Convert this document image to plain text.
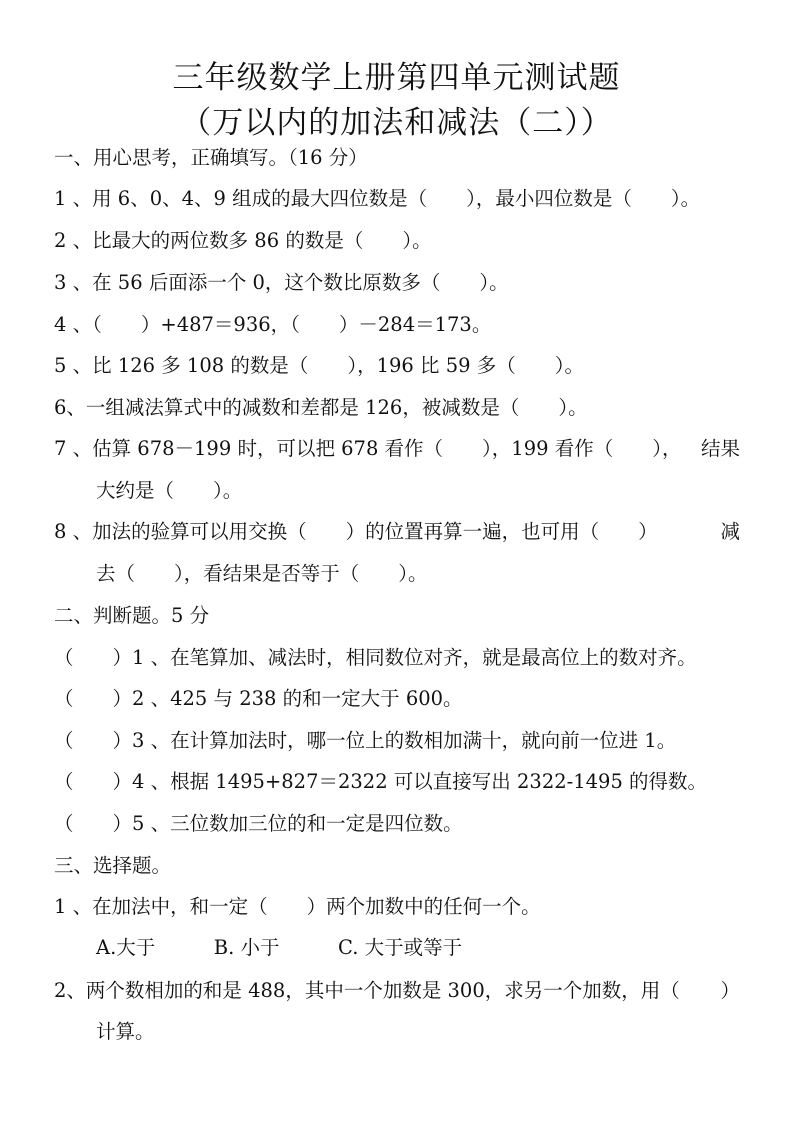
三年级数学上册第四单元测试题
（万以内的加法和减法（二））
一、用心思考，正确填写。（16 分）
1 、用 6、0、4、9 组成的最大四位数是（　　），最小四位数是（　　）。
2 、比最大的两位数多 86 的数是（　　）。
3 、在 56 后面添一个 0，这个数比原数多（　　）。
4 、（　　）+487＝936，（　　）－284＝173。
5 、比 126 多 108 的数是（　　），196 比 59 多（　　）。
6、一组减法算式中的减数和差都是 126，被减数是（　　）。
7 、估算 678－199 时，可以把 678 看作（　　），199 看作（　　）， 结果
大约是（　　）。
8 、加法的验算可以用交换（　　）的位置再算一遍，也可用（　　）	减
去（　　），看结果是否等于（　　）。
二、判断题。5 分
（　　）1 、在笔算加、减法时，相同数位对齐，就是最高位上的数对齐。
（　　）2 、425 与 238 的和一定大于 600。
（　　）3 、在计算加法时，哪一位上的数相加满十，就向前一位进 1。
（　　）4 、根据 1495+827＝2322 可以直接写出 2322-1495 的得数。
（　　）5 、三位数加三位的和一定是四位数。
三、选择题。
1 、在加法中，和一定（　　）两个加数中的任何一个。
A.大于　　　B. 小于　　　C. 大于或等于
2、两个数相加的和是 488，其中一个加数是 300，求另一个加数，用（ ）
计算。
